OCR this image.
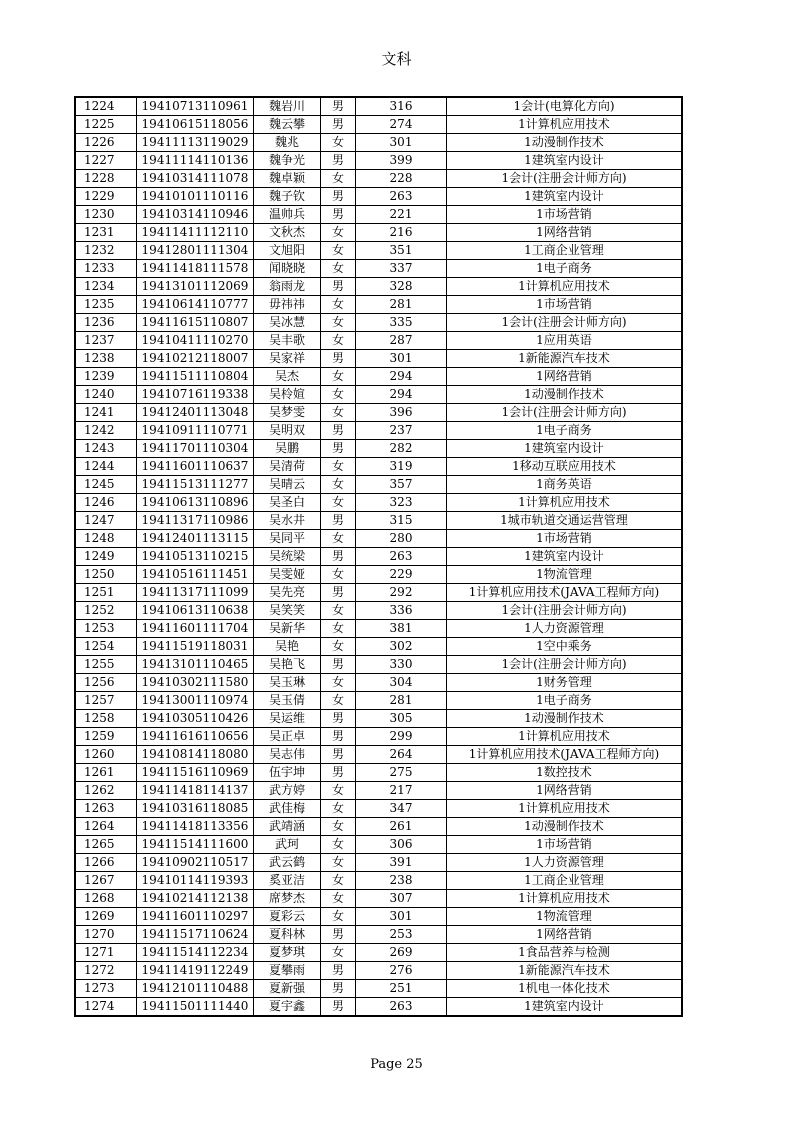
文科
1224	19410713110961	魏岩川	男	316	1会计(电算化方向)
1225	19410615118056	魏云攀	男	274	1计算机应用技术
1226	19411113119029	魏兆	女	301	1动漫制作技术
1227	19411114110136	魏争光	男	399	1建筑室内设计
1228	19410314111078	魏卓颖	女	228	1会计(注册会计师方向)
1229	19410101110116	魏子钦	男	263	1建筑室内设计
1230	19410314110946	温帅兵	男	221	1市场营销
1231	19411411112110	文秋杰	女	216	1网络营销
1232	19412801111304	文旭阳	女	351	1工商企业管理
1233	19411418111578	闻晓晓	女	337	1电子商务
1234	19413101112069	翁雨龙	男	328	1计算机应用技术
1235	19410614110777	毋祎祎	女	281	1市场营销
1236	19411615110807	吴冰慧	女	335	1会计(注册会计师方向)
1237	19410411110270	吴丰歌	女	287	1应用英语
1238	19410212118007	吴家祥	男	301	1新能源汽车技术
1239	19411511110804	吴杰	女	294	1网络营销
1240	19410716119338	吴柃媗	女	294	1动漫制作技术
1241	19412401113048	吴梦雯	女	396	1会计(注册会计师方向)
1242	19410911110771	吴明双	男	237	1电子商务
1243	19411701110304	吴鹏	男	282	1建筑室内设计
1244	19411601110637	吴清荷	女	319	1移动互联应用技术
1245	19411513111277	吴晴云	女	357	1商务英语
1246	19410613110896	吴圣白	女	323	1计算机应用技术
1247	19411317110986	吴水井	男	315	1城市轨道交通运营管理
1248	19412401113115	吴同平	女	280	1市场营销
1249	19410513110215	吴统梁	男	263	1建筑室内设计
1250	19410516111451	吴雯娅	女	229	1物流管理
1251	19411317111099	吴先亮	男	292	1计算机应用技术(JAVA工程师方向)
1252	19410613110638	吴笑笑	女	336	1会计(注册会计师方向)
1253	19411601111704	吴新华	女	381	1人力资源管理
1254	19411519118031	吴艳	女	302	1空中乘务
1255	19413101110465	吴艳飞	男	330	1会计(注册会计师方向)
1256	19410302111580	吴玉琳	女	304	1财务管理
1257	19413001110974	吴玉倩	女	281	1电子商务
1258	19410305110426	吴运维	男	305	1动漫制作技术
1259	19411616110656	吴正卓	男	299	1计算机应用技术
1260	19410814118080	吴志伟	男	264	1计算机应用技术(JAVA工程师方向)
1261	19411516110969	伍宇坤	男	275	1数控技术
1262	19411418114137	武方婷	女	217	1网络营销
1263	19410316118085	武佳梅	女	347	1计算机应用技术
1264	19411418113356	武靖涵	女	261	1动漫制作技术
1265	19411514111600	武珂	女	306	1市场营销
1266	19410902110517	武云鹤	女	391	1人力资源管理
1267	19410114119393	奚亚洁	女	238	1工商企业管理
1268	19410214112138	席梦杰	女	307	1计算机应用技术
1269	19411601110297	夏彩云	女	301	1物流管理
1270	19411517110624	夏科林	男	253	1网络营销
1271	19411514112234	夏梦琪	女	269	1食品营养与检测
1272	19411419112249	夏攀雨	男	276	1新能源汽车技术
1273	19412101110488	夏新强	男	251	1机电一体化技术
1274	19411501111440	夏宇鑫	男	263	1建筑室内设计
Page 25
